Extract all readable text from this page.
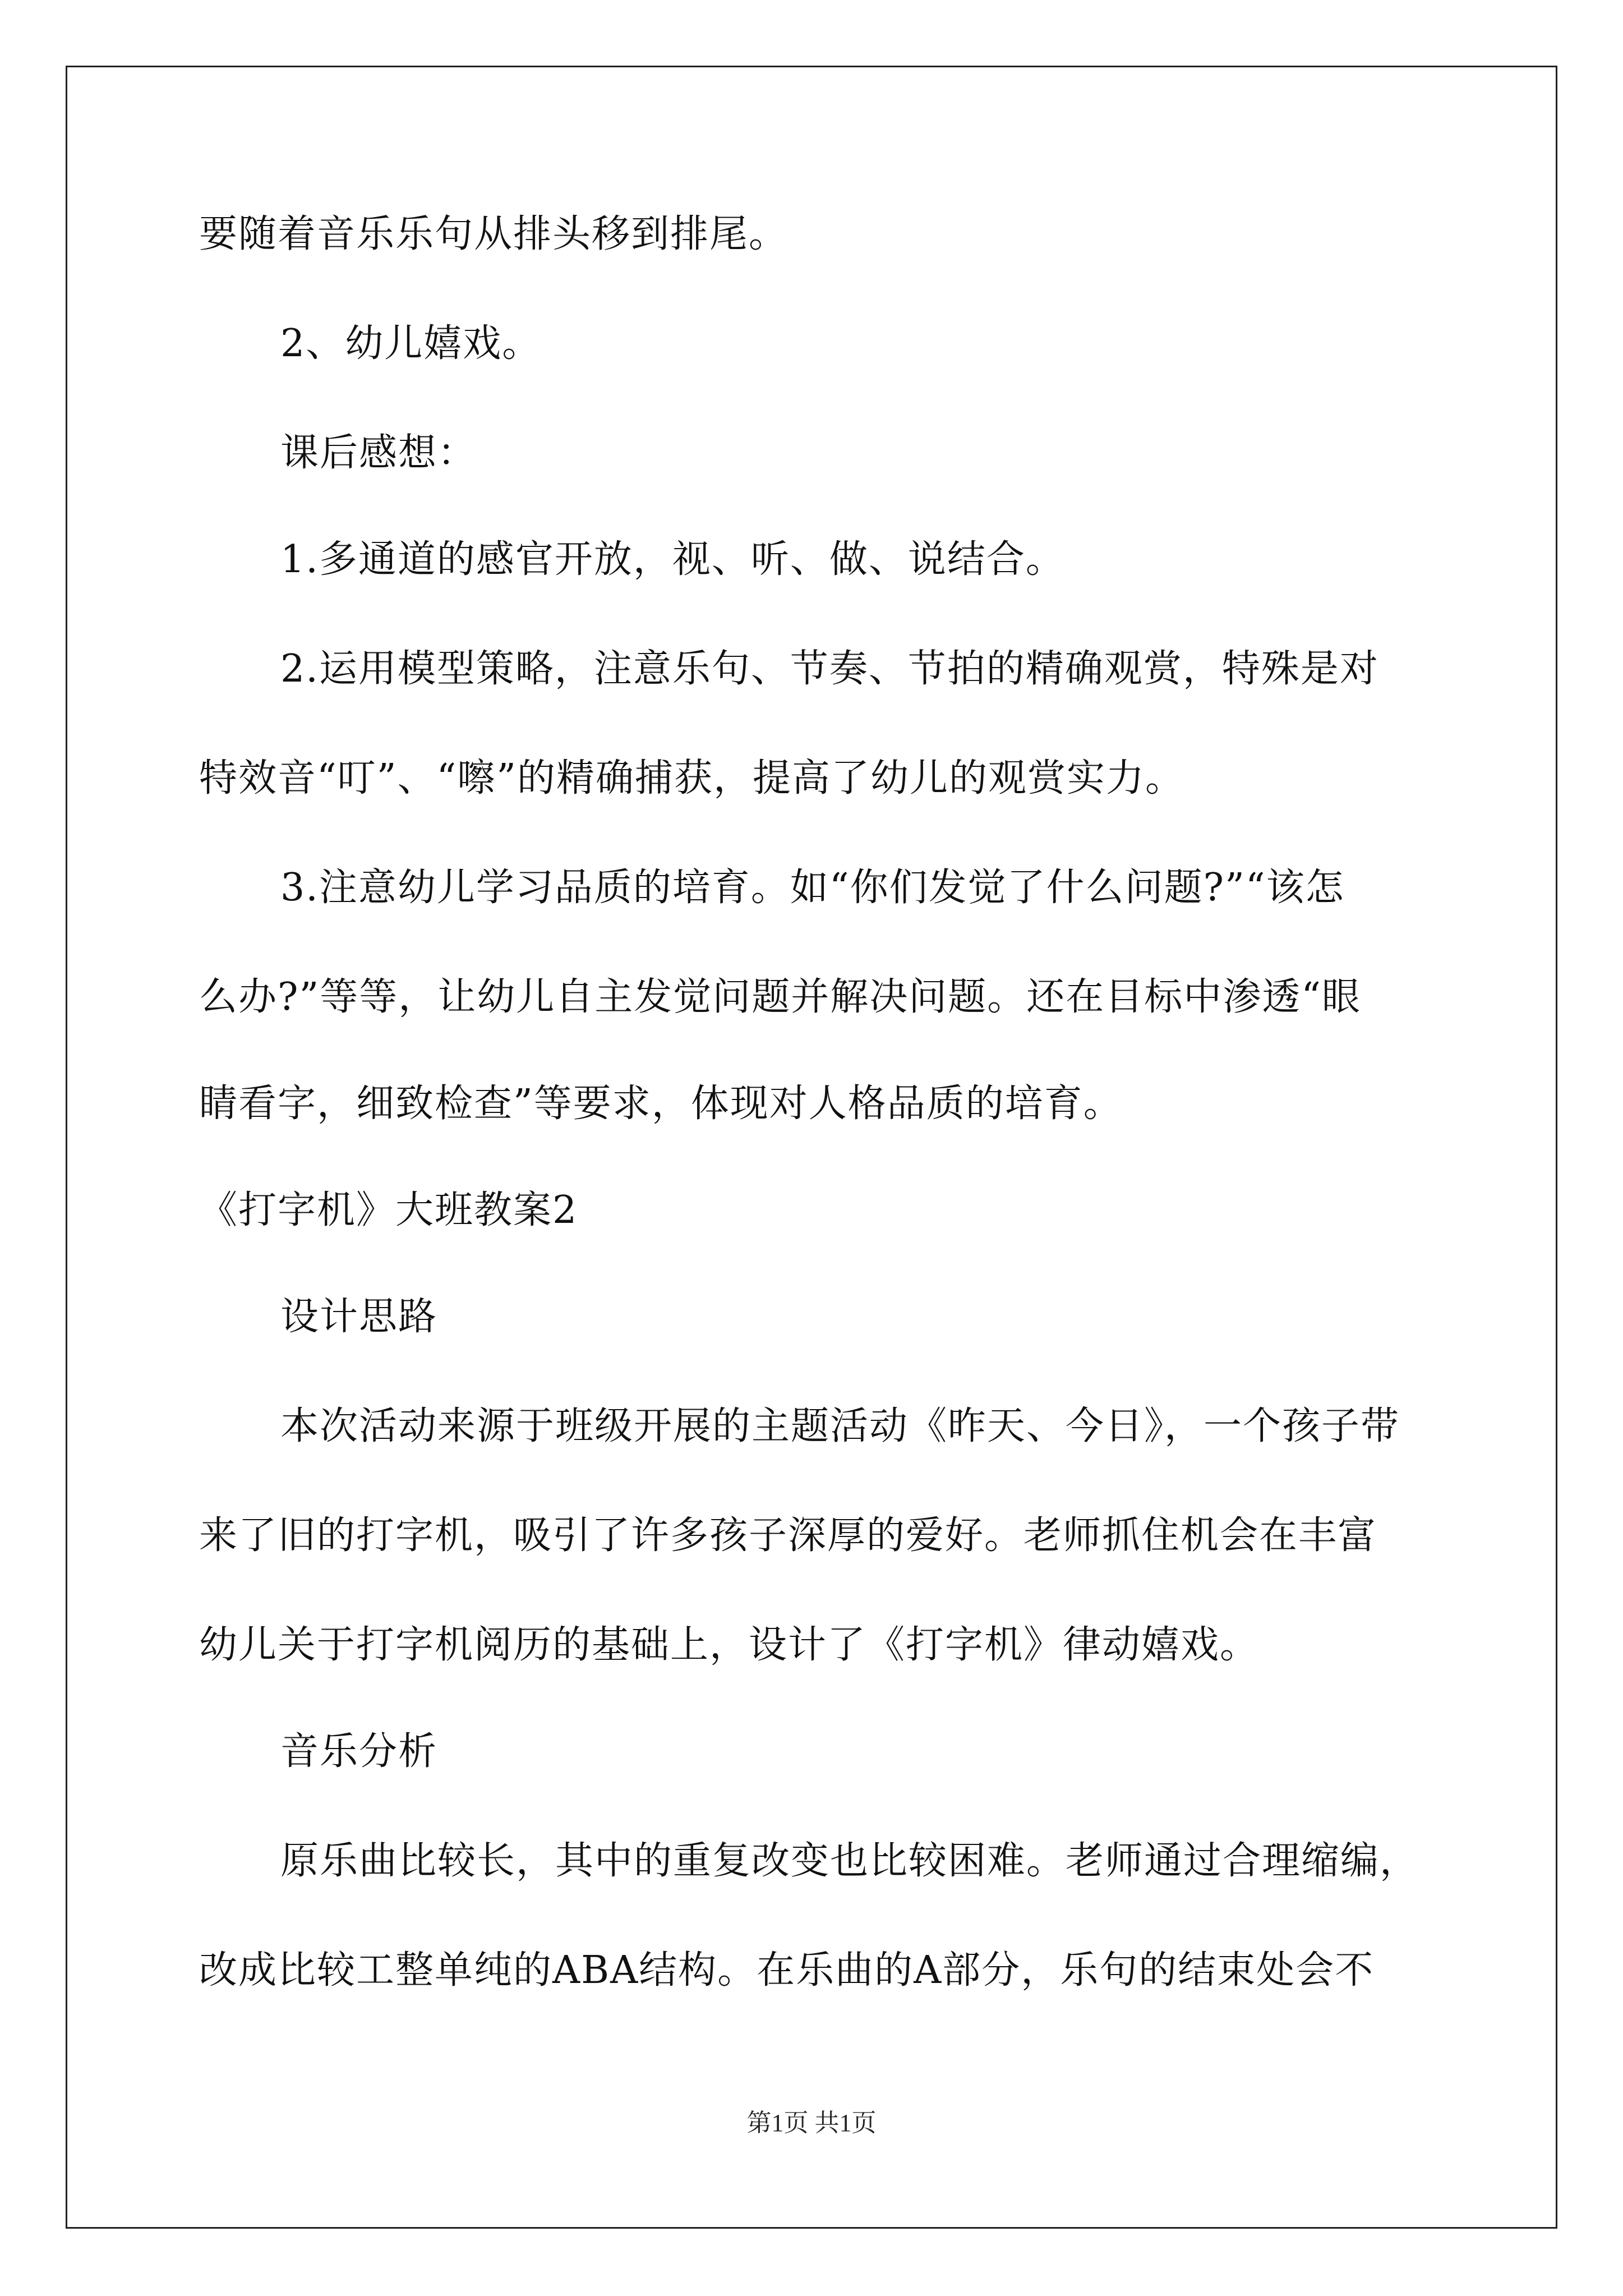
要随着音乐乐句从排头移到排尾。
2、幼儿嬉戏。
课后感想：
1.多通道的感官开放，视、听、做、说结合。
2.运用模型策略，注意乐句、节奏、节拍的精确观赏，特殊是对
特效音“叮”、“嚓”的精确捕获，提高了幼儿的观赏实力。
3.注意幼儿学习品质的培育。如“你们发觉了什么问题?”“该怎
么办?”等等，让幼儿自主发觉问题并解决问题。还在目标中渗透“眼
睛看字，细致检查”等要求，体现对人格品质的培育。
《打字机》大班教案2
设计思路
本次活动来源于班级开展的主题活动《昨天、今日》，一个孩子带
来了旧的打字机，吸引了许多孩子深厚的爱好。老师抓住机会在丰富
幼儿关于打字机阅历的基础上，设计了《打字机》律动嬉戏。
音乐分析
原乐曲比较长，其中的重复改变也比较困难。老师通过合理缩编，
改成比较工整单纯的ABA结构。在乐曲的A部分，乐句的结束处会不
第1页 共1页
